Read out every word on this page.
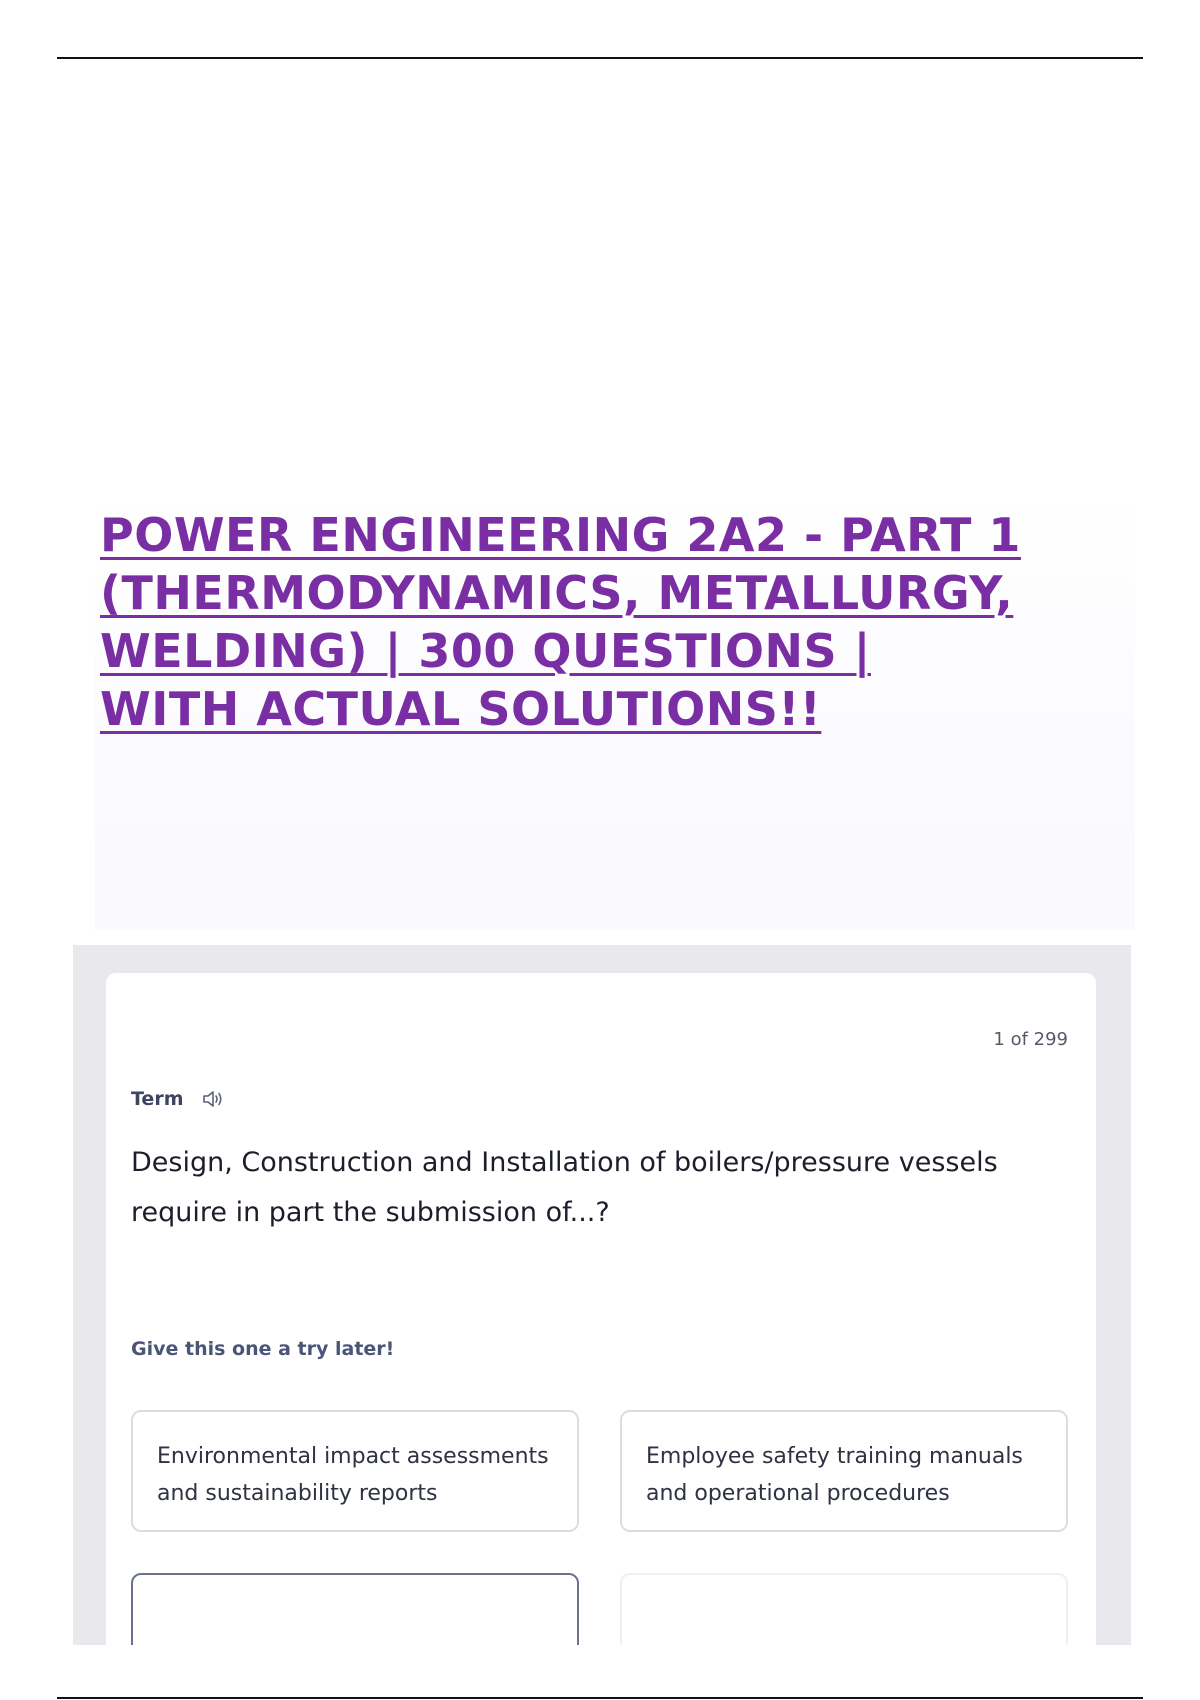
POWER ENGINEERING 2A2 - PART 1
(THERMODYNAMICS, METALLURGY,
WELDING) | 300 QUESTIONS |
WITH ACTUAL SOLUTIONS!!
1 of 299
Term
Design, Construction and Installation of boilers/pressure vessels
require in part the submission of...?
Give this one a try later!
Environmental impact assessments
and sustainability reports
Employee safety training manuals
and operational procedures
